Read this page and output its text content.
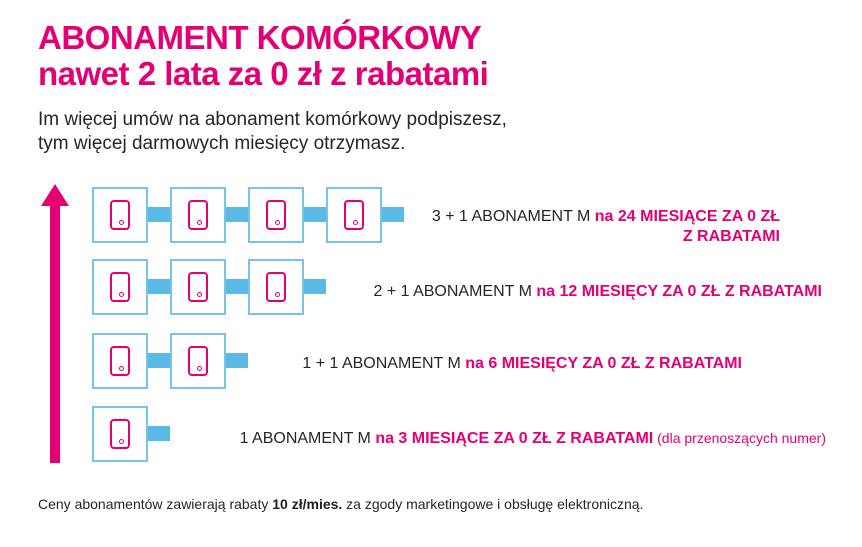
ABONAMENT KOMÓRKOWY
nawet 2 lata za 0 zł z rabatami

Im więcej umów na abonament komórkowy podpiszesz,
tym więcej darmowych miesięcy otrzymasz.

Ceny abonamentów zawierają rabaty 10 zł/mies. za zgody marketingowe i obsługę elektroniczną.

3 + 1 ABONAMENT M na 24 MIESIĄCE ZA 0 ZŁ
Z RABATAMI
2 + 1 ABONAMENT M na 12 MIESIĘCY ZA 0 ZŁ Z RABATAMI
1 + 1 ABONAMENT M na 6 MIESIĘCY ZA 0 ZŁ Z RABATAMI
1 ABONAMENT M na 3 MIESIĄCE ZA 0 ZŁ Z RABATAMI (dla przenoszących numer)
